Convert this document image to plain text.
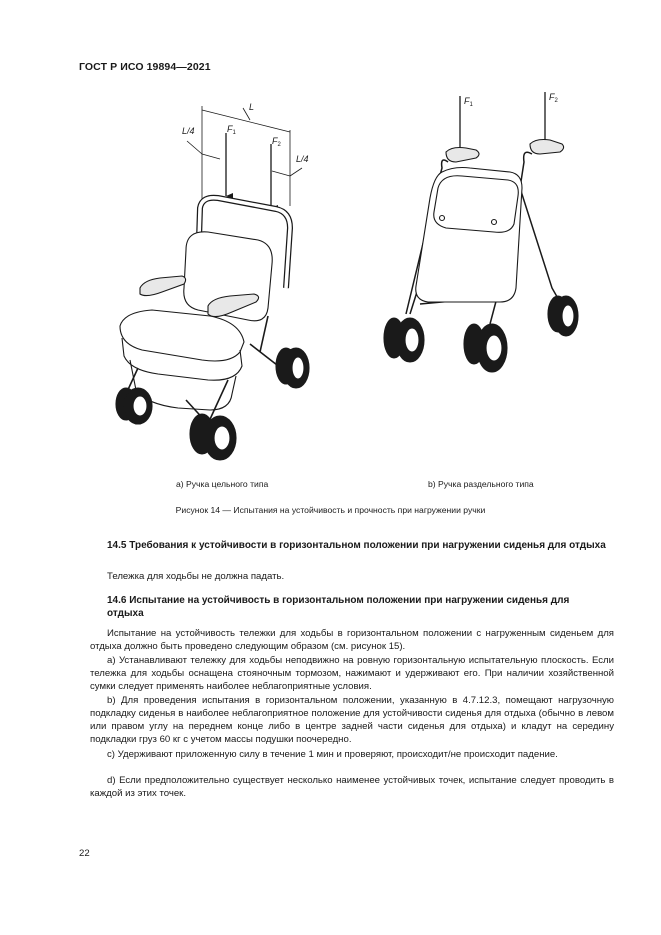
ГОСТ Р ИСО 19894—2021
L
L/4
L/4
$F_1$
$F_2$
$F_1$
$F_2$
a) Ручка цельного типа	b) Ручка раздельного типа
Рисунок 14 — Испытания на устойчивость и прочность при нагружении ручки
14.5 Требования к устойчивости в горизонтальном положении при нагружении сиденья для отдыха
Тележка для ходьбы не должна падать.
14.6 Испытание на устойчивость в горизонтальном положении при нагружении сиденья для отдыха
Испытание на устойчивость тележки для ходьбы в горизонтальном положении с нагруженным сиденьем для отдыха должно быть проведено следующим образом (см. рисунок 15).
а) Устанавливают тележку для ходьбы неподвижно на ровную горизонтальную испытательную плоскость. Если тележка для ходьбы оснащена стояночным тормозом, нажимают и удерживают его. При наличии хозяйственной сумки следует применять наиболее неблагоприятные условия.
b) Для проведения испытания в горизонтальном положении, указанную в 4.7.12.3, помещают нагрузочную подкладку сиденья в наиболее неблагоприятное положение для устойчивости сиденья для отдыха (обычно в левом или правом углу на переднем конце либо в центре задней части сиденья для отдыха) и кладут на середину подкладки груз 60 кг с учетом массы подушки поочередно.
c) Удерживают приложенную силу в течение 1 мин и проверяют, происходит/не происходит падение.
d) Если предположительно существует несколько наименее устойчивых точек, испытание следует проводить в каждой из этих точек.
22
